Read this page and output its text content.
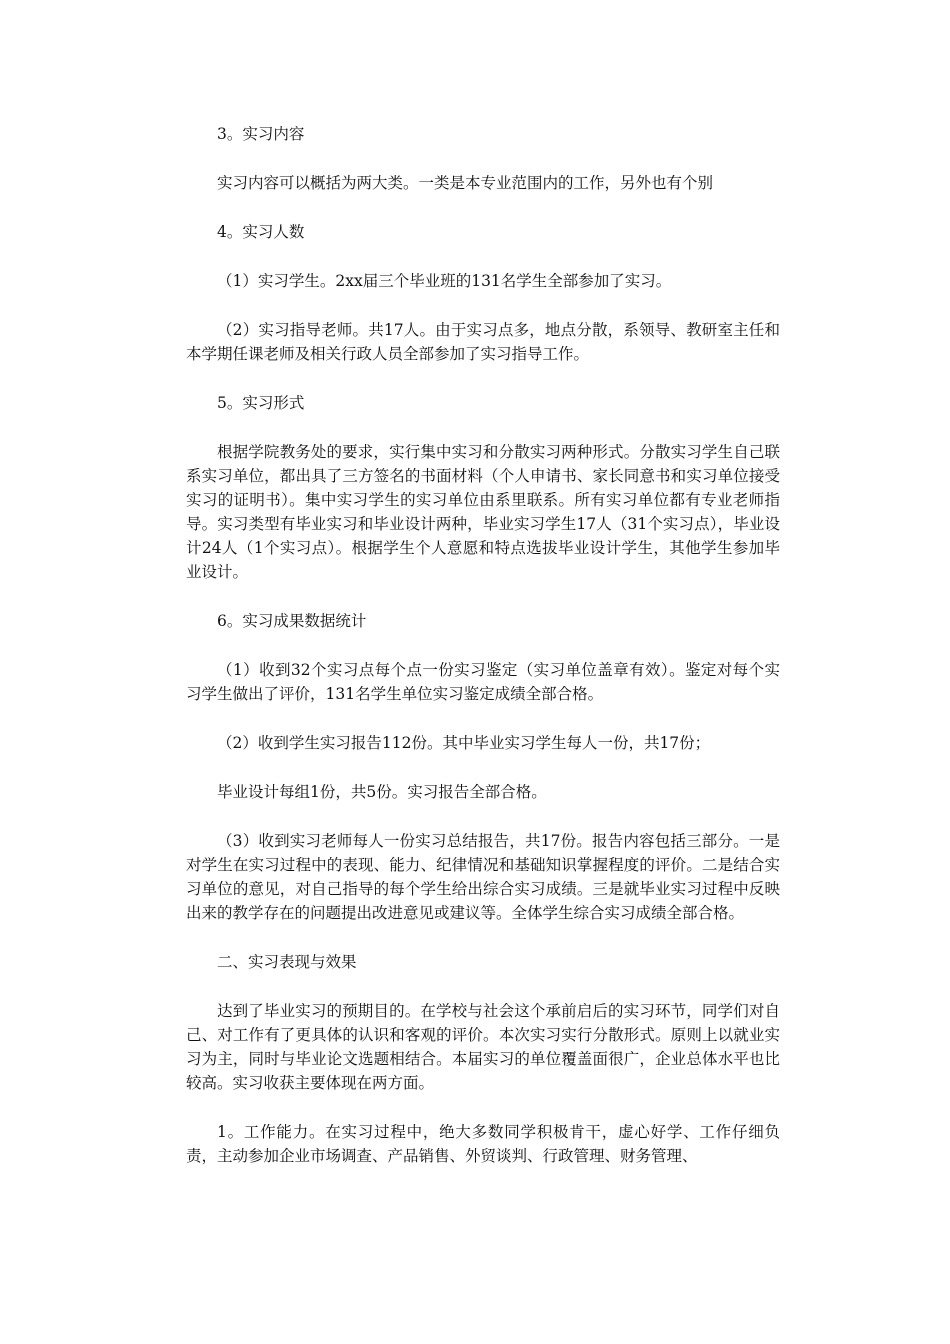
3。实习内容

实习内容可以概括为两大类。一类是本专业范围内的工作，另外也有个别

4。实习人数

（1）实习学生。2xx届三个毕业班的131名学生全部参加了实习。

（2）实习指导老师。共17人。由于实习点多，地点分散，系领导、教研室主任和本学期任课老师及相关行政人员全部参加了实习指导工作。

5。实习形式

根据学院教务处的要求，实行集中实习和分散实习两种形式。分散实习学生自己联系实习单位，都出具了三方签名的书面材料（个人申请书、家长同意书和实习单位接受实习的证明书）。集中实习学生的实习单位由系里联系。所有实习单位都有专业老师指导。实习类型有毕业实习和毕业设计两种，毕业实习学生17人（31个实习点），毕业设计24人（1个实习点）。根据学生个人意愿和特点选拔毕业设计学生，其他学生参加毕业设计。

6。实习成果数据统计

（1）收到32个实习点每个点一份实习鉴定（实习单位盖章有效）。鉴定对每个实习学生做出了评价，131名学生单位实习鉴定成绩全部合格。

（2）收到学生实习报告112份。其中毕业实习学生每人一份，共17份；

毕业设计每组1份，共5份。实习报告全部合格。

（3）收到实习老师每人一份实习总结报告，共17份。报告内容包括三部分。一是对学生在实习过程中的表现、能力、纪律情况和基础知识掌握程度的评价。二是结合实习单位的意见，对自己指导的每个学生给出综合实习成绩。三是就毕业实习过程中反映出来的教学存在的问题提出改进意见或建议等。全体学生综合实习成绩全部合格。

二、实习表现与效果

达到了毕业实习的预期目的。在学校与社会这个承前启后的实习环节，同学们对自己、对工作有了更具体的认识和客观的评价。本次实习实行分散形式。原则上以就业实习为主，同时与毕业论文选题相结合。本届实习的单位覆盖面很广，企业总体水平也比较高。实习收获主要体现在两方面。

1。工作能力。在实习过程中，绝大多数同学积极肯干，虚心好学、工作仔细负责，主动参加企业市场调查、产品销售、外贸谈判、行政管理、财务管理、
